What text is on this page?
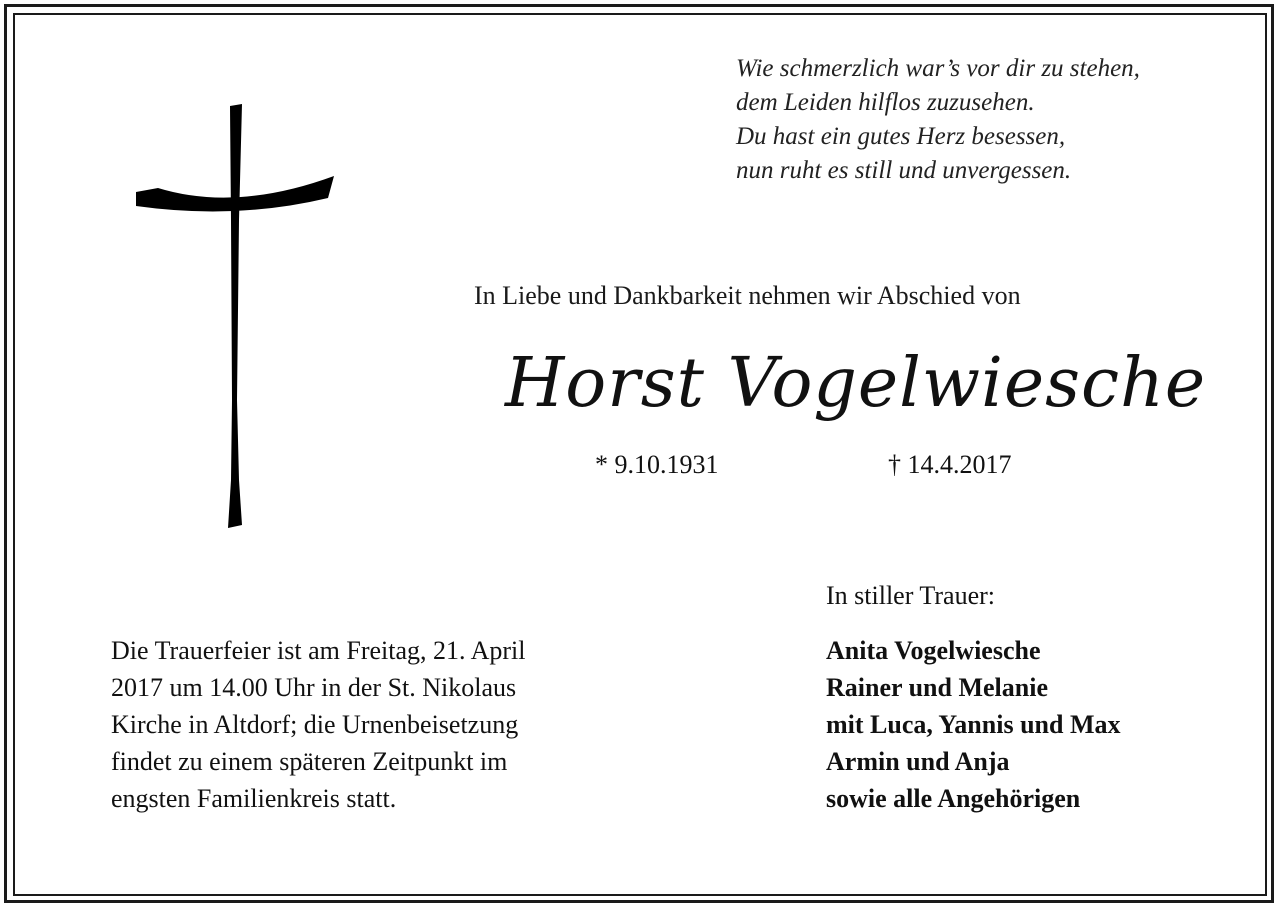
Wie schmerzlich war’s vor dir zu stehen,
dem Leiden hilflos zuzusehen.
Du hast ein gutes Herz besessen,
nun ruht es still und unvergessen.
In Liebe und Dankbarkeit nehmen wir Abschied von
Horst Vogelwiesche
* 9.10.1931	† 14.4.2017
Die Trauerfeier ist am Freitag, 21. April
2017 um 14.00 Uhr in der St. Nikolaus
Kirche in Altdorf; die Urnenbeisetzung
findet zu einem späteren Zeitpunkt im
engsten Familienkreis statt.
In stiller Trauer:
Anita Vogelwiesche
Rainer und Melanie
mit Luca, Yannis und Max
Armin und Anja
sowie alle Angehörigen
